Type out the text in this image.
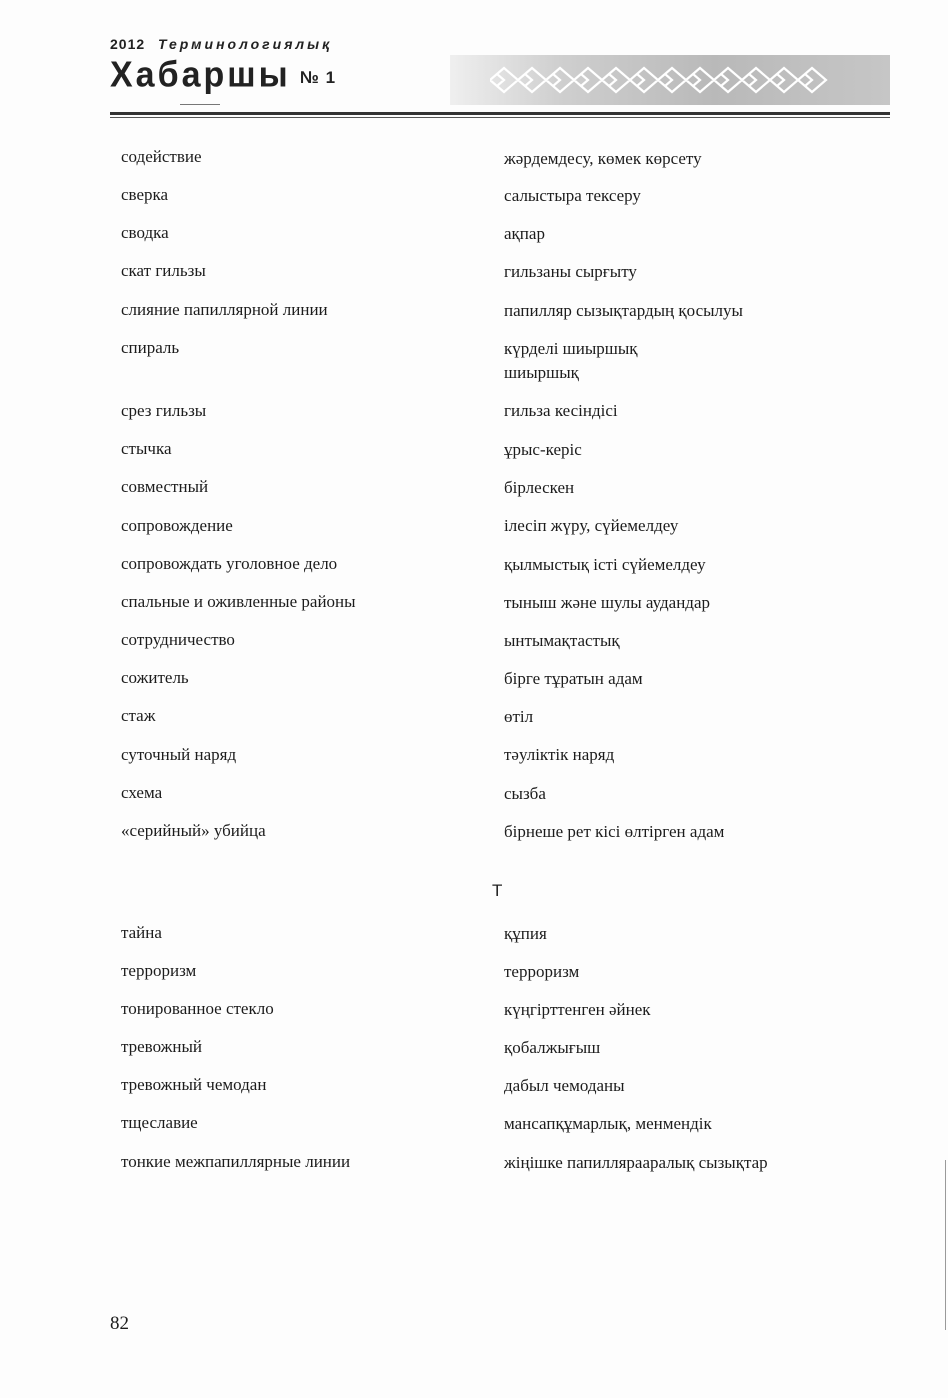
2012 Терминологиялық
Хабаршы № 1
содействие	жәрдемдесу, көмек көрсету
сверка	салыстыра тексеру
сводка	ақпар
скат гильзы	гильзаны сырғыту
слияние папиллярной линии	папилляр сызықтардың қосылуы
спираль	күрделі шиыршық
шиыршық
срез гильзы	гильза кесіндісі
стычка	ұрыс-керіс
совместный	бірлескен
сопровождение	ілесіп жүру, сүйемелдеу
сопровождать уголовное дело	қылмыстық істі сүйемелдеу
спальные и оживленные районы	тыныш және шулы аудандар
сотрудничество	ынтымақтастық
сожитель	бірге тұратын адам
стаж	өтіл
суточный наряд	тәуліктік наряд
схема	сызба
«серийный» убийца	бірнеше рет кісі өлтірген адам
Т
тайна	құпия
терроризм	терроризм
тонированное стекло	күңгірттенген әйнек
тревожный	қобалжығыш
тревожный чемодан	дабыл чемоданы
тщеславие	мансапқұмарлық, менмендік
тонкие межпапиллярные линии	жіңішке папиллярааралық сызықтар
82
